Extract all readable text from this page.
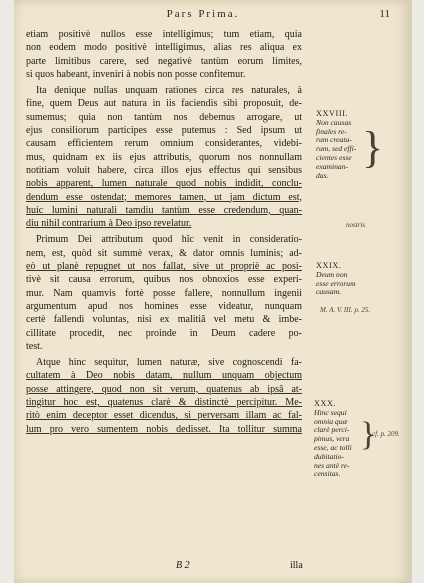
Pars Prima.	11
etiam positivè nullos esse intelligimus; tum etiam, quia
non eodem modo positivè intelligimus, alias res aliqua ex
parte limitibus carere, sed negativè tantùm eorum limites,
si quos habeant, inveniri à nobis non posse confitemur.
Ita denique nullas unquam rationes circa res naturales, à
fine, quem Deus aut natura in iis faciendis sibi proposuit, de-
sumemus; quia non tantùm nos debemus arrogare, ut
ejus consiliorum participes esse putemus : Sed ipsum ut
causam efficientem rerum omnium considerantes, videbi-
mus, quidnam ex iis ejus attributis, quorum nos nonnullam
notitiam voluit habere, circa illos ejus effectus qui sensibus
nobis apparent, lumen naturale quod nobis indidit, conclu-
dendum esse ostendat; memores tamen, ut jam dictum est,
huic lumini naturali tamdiu tantùm esse credendum, quan-
diu nihil contrarium à Deo ipso revelatur.
Primum Dei attributum quod hîc venit in consideratio-
nem, est, quòd sit summè verax, & dator omnis luminis; ad-
eò ut planè repugnet ut nos fallat, sive ut propriè ac posi-
tivè sit causa errorum, quibus nos obnoxios esse experi-
mur. Nam quamvis fortè posse fallere, nonnullum ingenii
argumentum apud nos homines esse videatur, nunquam
certè fallendi voluntas, nisi ex malitiâ vel metu & imbe-
cillitate procedit, nec proinde in Deum cadere po-
test.
Atque hinc sequitur, lumen naturæ, sive cognoscendi fa-
cultatem à Deo nobis datam, nullum unquam objectum
posse attingere, quod non sit verum, quatenus ab ipsâ at-
tingitur hoc est, quatenus clarè & distinctè percipitur. Me-
ritò enim deceptor esset dicendus, si perversam illam ac fal-
lum pro vero sumentem nobis dedisset. Ita tollitur summa
XXVIII.
Non causas
finales re-
rum creata-
rum, sed effi-
cientes esse
examinan-
das.
}
nostris
XXIX.
Deum non
esse errorum
causam.
M. A. V. III. p. 25.
XXX.
Hinc sequi
omnia quæ
clarè perci-
pimus, vera
esse, ac tolli
dubitatio-
nes antè re-
censitas.
}
cf. p. 209.
B 2	illa
